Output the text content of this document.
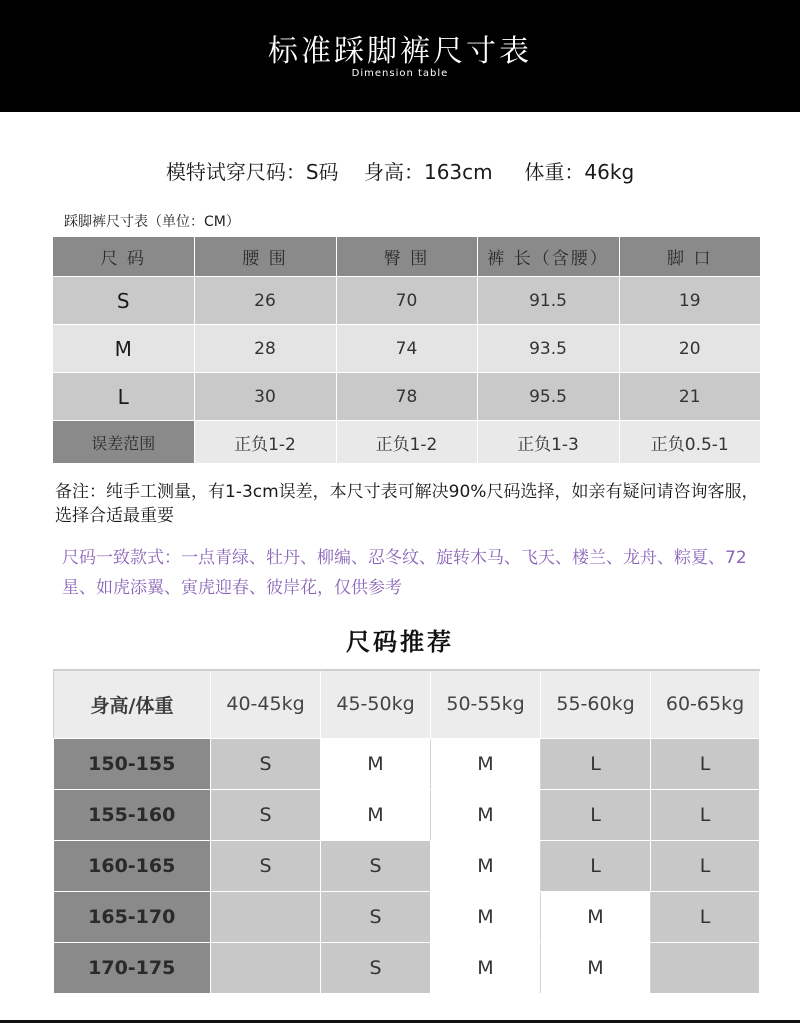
标准踩脚裤尺寸表
Dimension table
模特试穿尺码：S码    身高：163cm     体重：46kg
踩脚裤尺寸表（单位：CM）
尺 码	腰 围	臀 围	裤 长（含腰）	脚 口
S	26	70	91.5	19
M	28	74	93.5	20
L	30	78	95.5	21
误差范围	正负1-2	正负1-2	正负1-3	正负0.5-1
备注：纯手工测量，有1-3cm误差，本尺寸表可解决90%尺码选择，如亲有疑问请咨询客服，选择合适最重要
尺码一致款式：一点青绿、牡丹、柳编、忍冬纹、旋转木马、飞天、楼兰、龙舟、粽夏、72星、如虎添翼、寅虎迎春、彼岸花，仅供参考
尺码推荐
身高/体重	40-45kg	45-50kg	50-55kg	55-60kg	60-65kg
150-155	S	M	M	L	L
155-160	S	M	M	L	L
160-165	S	S	M	L	L
165-170		S	M	M	L
170-175		S	M	M	
